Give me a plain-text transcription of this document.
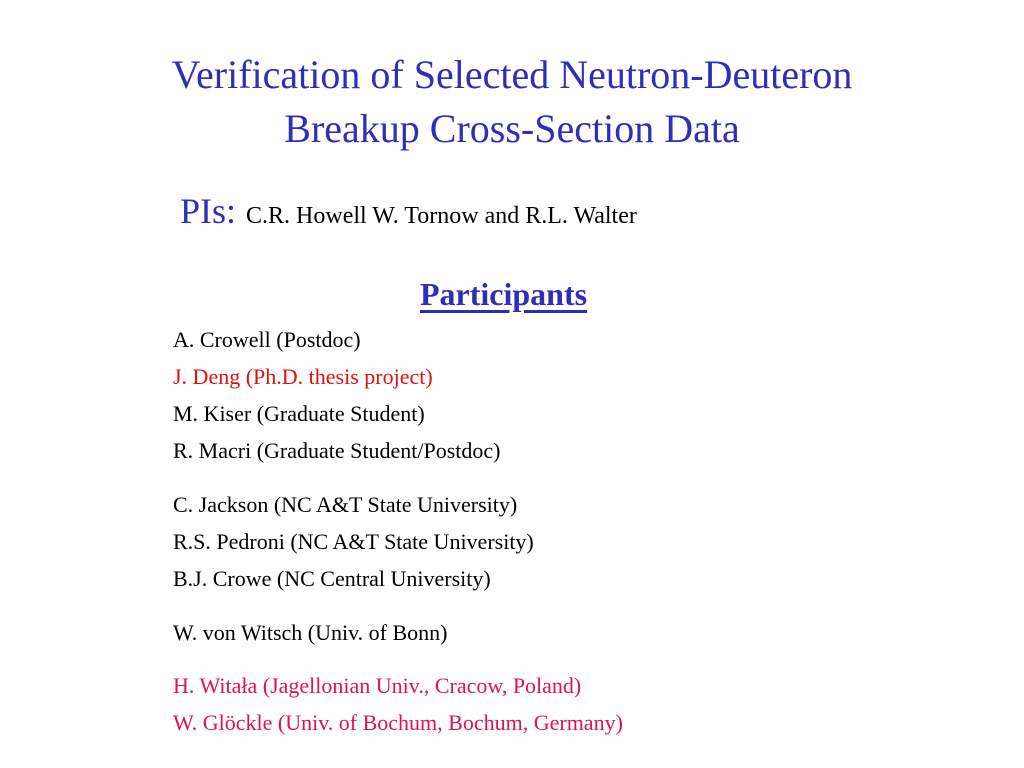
Verification of Selected Neutron-Deuteron
Breakup Cross-Section Data
PIs: C.R. Howell W. Tornow and R.L. Walter
Participants
A. Crowell (Postdoc)
J. Deng (Ph.D. thesis project)
M. Kiser (Graduate Student)
R. Macri (Graduate Student/Postdoc)
C. Jackson (NC A&T State University)
R.S. Pedroni (NC A&T State University)
B.J. Crowe (NC Central University)
W. von Witsch (Univ. of Bonn)
H. Witała (Jagellonian Univ., Cracow, Poland)
W. Glöckle (Univ. of Bochum, Bochum, Germany)
